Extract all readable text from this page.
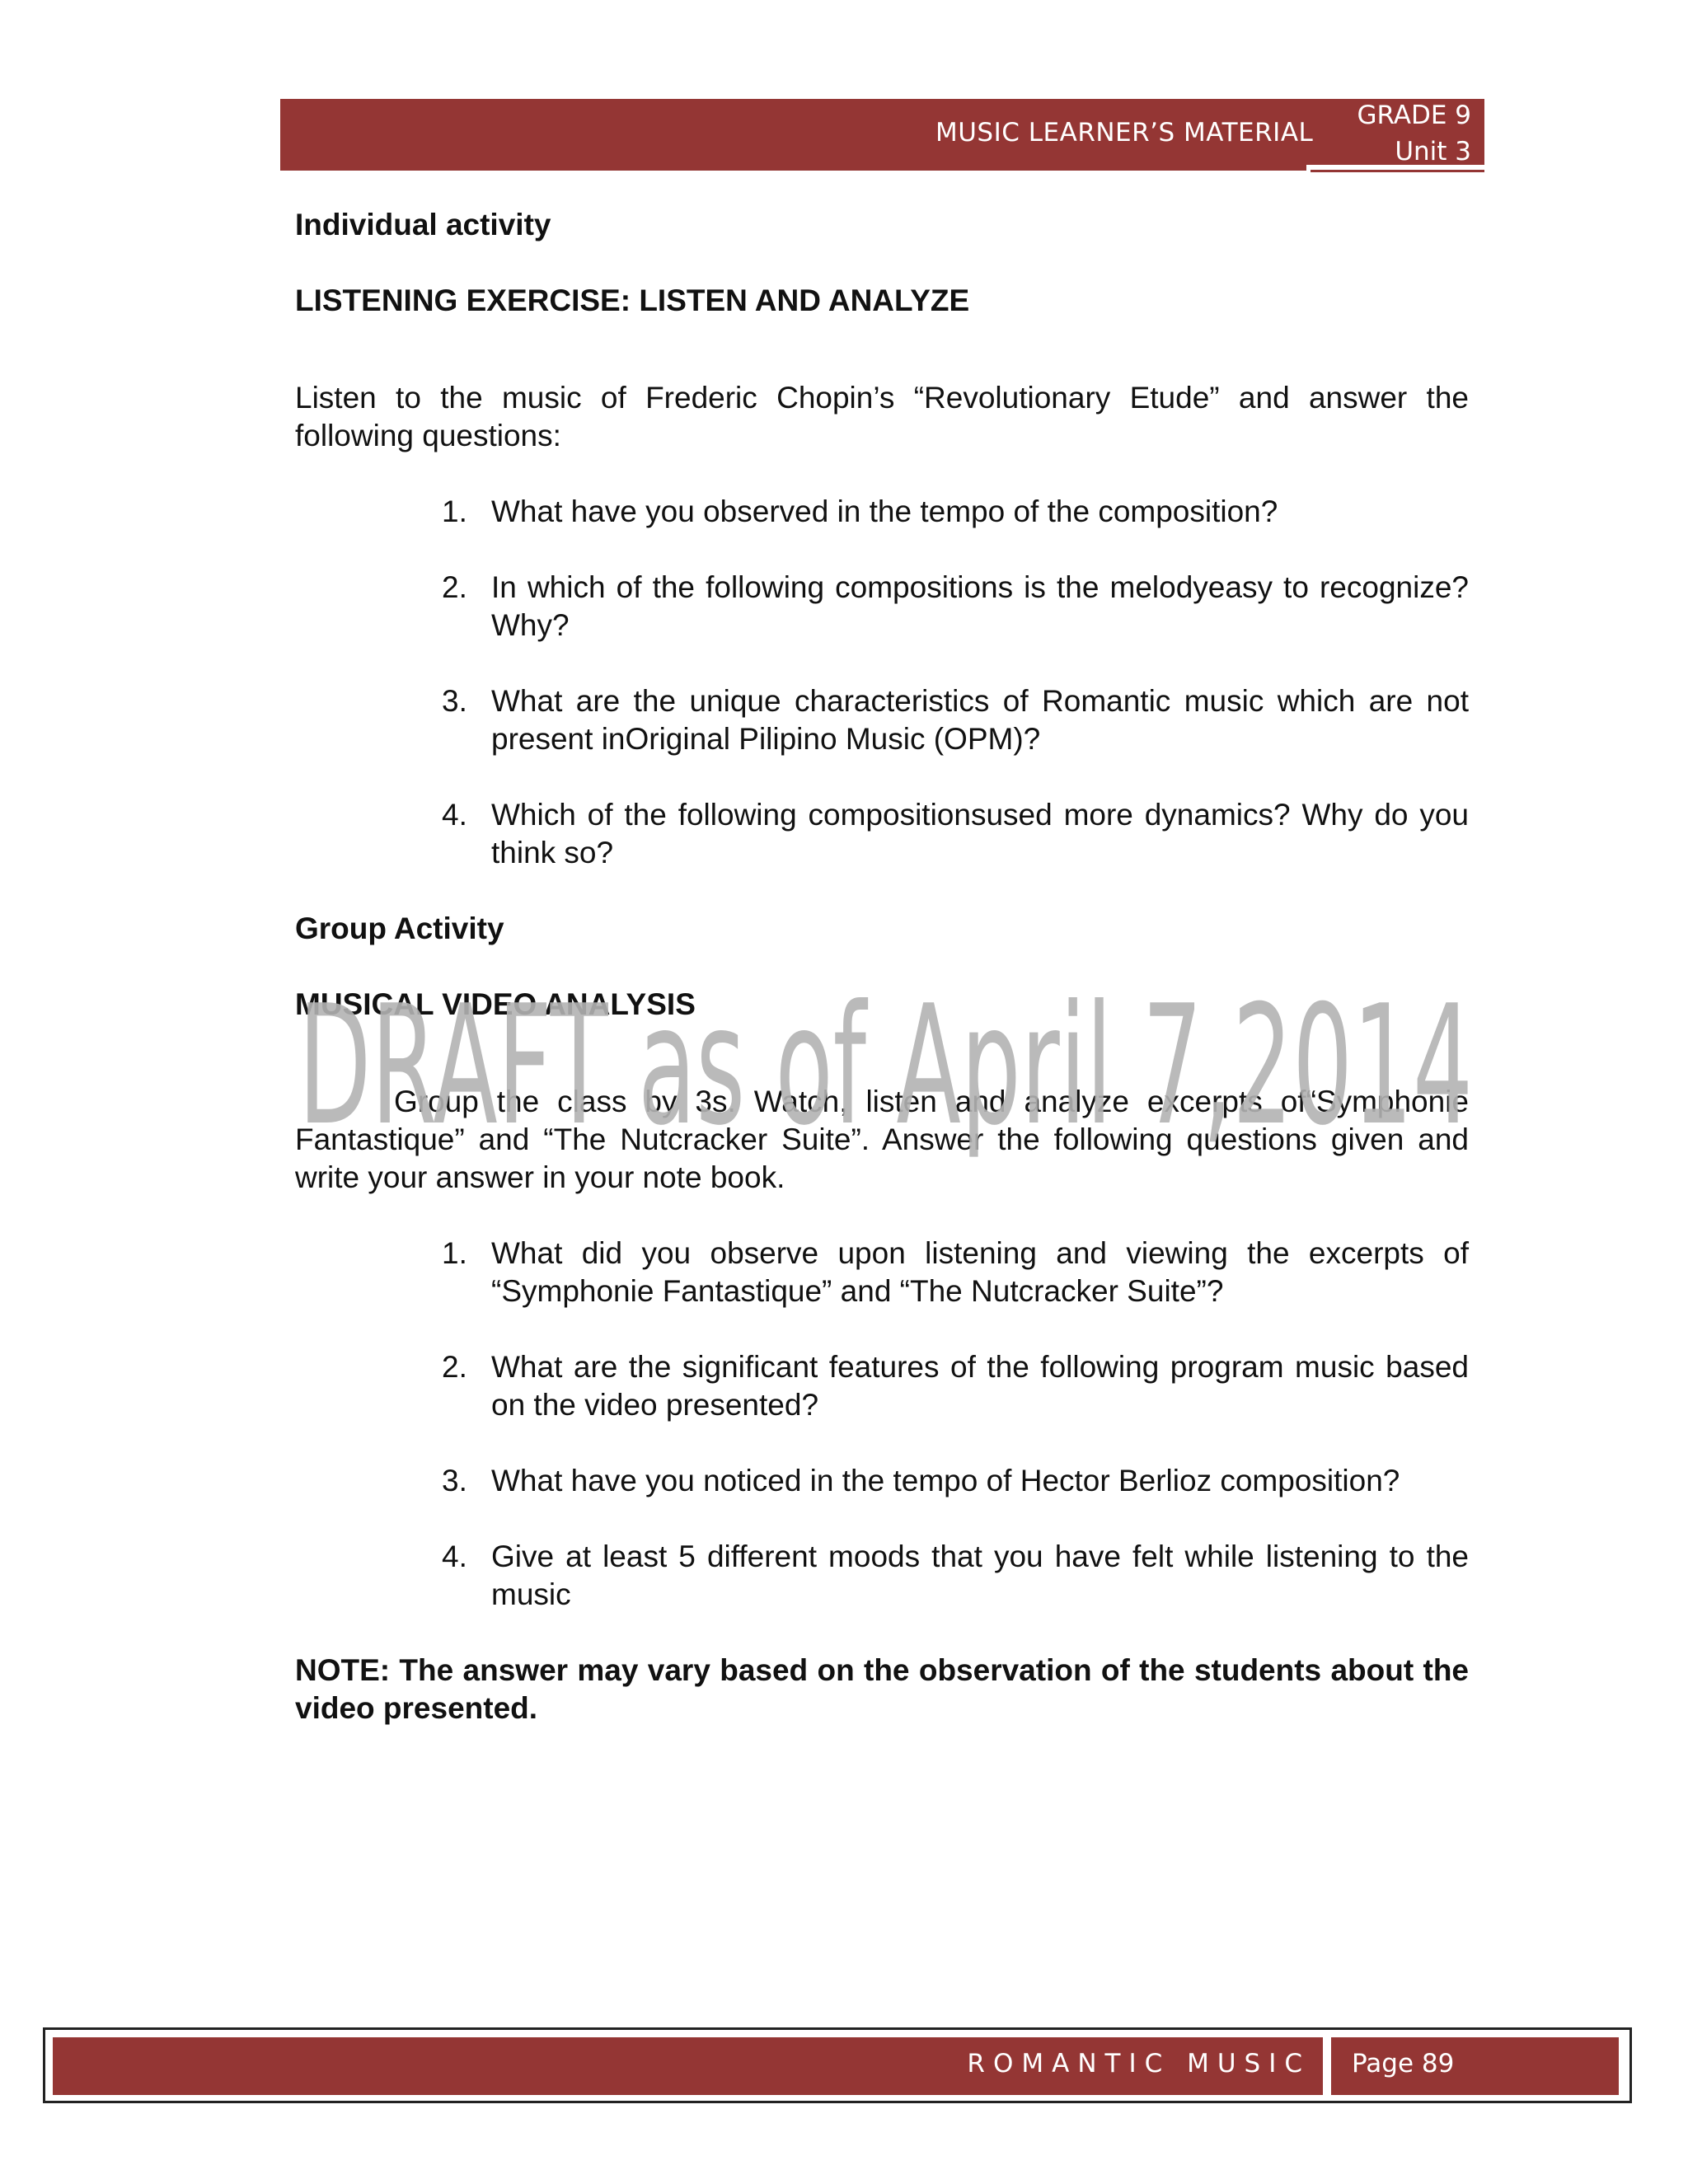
MUSIC LEARNER’S MATERIAL
GRADE 9
Unit 3

Individual activity

LISTENING EXERCISE: LISTEN AND ANALYZE

Listen to the music of Frederic Chopin’s “Revolutionary Etude” and answer the following questions:

1. What have you observed in the tempo of the composition?
2. In which of the following compositions is the melodyeasy to recognize? Why?
3. What are the unique characteristics of Romantic music which are not present inOriginal Pilipino Music (OPM)?
4. Which of the following compositionsused more dynamics? Why do you think so?

Group Activity

MUSICAL VIDEO ANALYSIS

Group the class by 3s. Watch, listen and analyze excerpts of“Symphonie Fantastique” and “The Nutcracker Suite”. Answer the following questions given and write your answer in your note book.

1. What did you observe upon listening and viewing the excerpts of “Symphonie Fantastique” and “The Nutcracker Suite”?
2. What are the significant features of the following program music based on the video presented?
3. What have you noticed in the tempo of Hector Berlioz composition?
4. Give at least 5 different moods that you have felt while listening to the music

NOTE: The answer may vary based on the observation of the students about the video presented.

DRAFT as of April 7,2014
ROMANTIC MUSIC Page 89
